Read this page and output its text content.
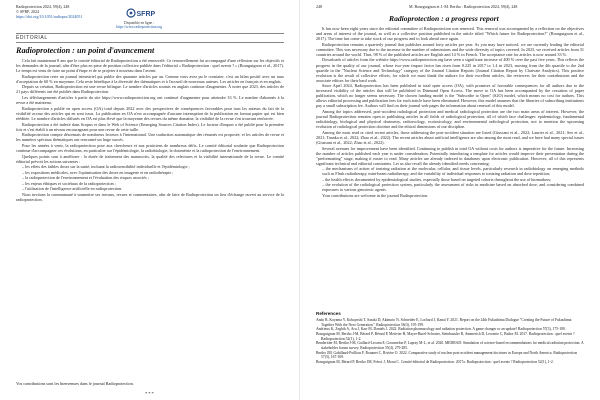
Radioprotection 2024, 59(4), 248
© SFRP, 2024
https://doi.org/10.1051/radiopro/2024051	SFRP
Disponible en ligne :
https://www.radioprotection.org
ÉDITORIAL
Radioprotection : un point d'avancement

Cela fait maintenant 8 ans que le comité éditorial de Radioprotection a été renouvelé. Ce renouvellement fut accompagné d'une réflexion sur les objectifs et les demandes de la journal, afin d'être plus en prise de position collective publiée dans l'éditorial « Radioprotection : quel avenir ? » (Bourguignon et al., 2017). Le temps est venu de faire un point d'étape et de se projeter à nouveau dans l'avenir.

Radioprotection reste un journal trimestriel qui publie des quarante articles par an. Comme vous avez pu le constater, c'est un bilan positif avec un taux d'acceptation de 60 % en moyenne. Cela reste bénéfique à la diversité des thématiques et à l'accueil de nouveaux auteurs. Les articles en français et en anglais.

Depuis sa création, Radioprotection est une revue bilingue. Le nombre d'articles soumis en anglais continue d'augmenter. À noter que 2023, des articles de 21 pays différents ont été publiés dans Radioprotection.

Les téléchargements d'articles à partir du site https://www.radioprotection.org ont continué d'augmenter pour atteindre 33 %. Le nombre d'abonnés à la revue a été maintenu.

Radioprotection a publié en open access (OA) total depuis 2022 avec des perspectives de conséquences favorables pour tous les auteurs du fait de la visibilité accrue des articles qui en sont issus. La publication en OA n'est accompagnée d'aucune interruption de la publication en format papier qui est bien rééditée. Le nombre d'articles diffusés en OA est plus élevé que la moyenne des revues du même domaine, la visibilité de la revue s'en trouvant renforcée.

Radioprotection a été indexé dans Scopus et dans le Web of Science (Emerging Sources Citation Index). Le facteur d'impact a été publié pour la première fois et s'est établi à un niveau encourageant pour une revue de cette taille.

Radioprotection compte désormais de nombreux lecteurs à l'international. Une traduction automatique des résumés est proposée, et les articles de revue et les numéros spéciaux thématiques ont rencontré un large succès.

Pour les années à venir, la radioprotection pose aux chercheurs et aux praticiens de nombreux défis. Le comité éditorial souhaite que Radioprotection continue d'accompagner ces évolutions, en particulier sur l'épidémiologie, la radiobiologie, la dosimétrie et la radioprotection de l'environnement.

Quelques points sont à améliorer : la durée de traitement des manuscrits, la qualité des relectures et la visibilité internationale de la revue. Le comité éditorial prévoit les actions suivantes :

– les effets des faibles doses sur la santé, incluant la radiosensibilité individuelle et l'épidémiologie ;
– les expositions médicales, avec l'optimisation des doses en imagerie et en radiothérapie ;
– la radioprotection de l'environnement et l'évaluation des risques associés ;
– les enjeux éthiques et sociétaux de la radioprotection ;
– l'utilisation de l'intelligence artificielle en radioprotection.

Nous invitons la communauté à soumettre ses travaux, revues et commentaires, afin de faire de Radioprotection un lieu d'échange ouvert au service de la radioprotection.

Vos contributions sont les bienvenues dans le journal Radioprotection.
***
248	M. Bourguignon et J.-M. Bertho : Radioprotection 2024, 59(4), 248
Radioprotection : a progress report

It has now been eight years since the editorial committee of Radioprotection was renewed. This renewal was accompanied by a reflection on the objectives and areas of interest of the journal, as well as a collective position published in the article titled "Which future for Radioprotection?" (Bourguignon et al., 2017). The time has come to take stock of our progress and to look ahead once again.

Radioprotection remains a quarterly journal that publishes around forty articles per year. As you may have noticed, we are currently leading the editorial committee. This was necessary due to the increase in the number of submissions and the wide diversity of topics covered. In 2023, we received articles from 31 countries around the world. Thus, 98 % of the published articles are English and 14 % in French. The acceptance rate for articles is now around 33 %.

Downloads of articles from the website https://www.radioprotection.org have seen a significant increase of 400 % over the past five years. This reflects the progress in the quality of our journal, whose two-year impact factor has risen from 0.225 in 2017 to 1.4 in 2023, moving from the 4th quartile to the 2nd quartile in the "Nuclear Science and Technology" category of the Journal Citation Reports (Journal Citation Report by Clarivate Analytics). This positive evolution is the result of collective efforts, for which we must thank the authors for their excellent articles, the reviewers for their contributions and the associate editors for their hard work.

Since April 2024, Radioprotection has been published in total open access (OA), with promises of favorable consequences for all authors due to the increased visibility of the articles that will be published in Diamond Open Access. The move to OA has been accompanied by the cessation of paper publication, which no longer seems necessary. The chosen funding model is the "Subscribe to Open" (S2O) model, which means no cost for authors. This allows editorial processing and publication fees for each article have been eliminated. However, this model assumes that the libraries of subscribing institutions pay a small subscription fee. Authors will find on their journal web pages the information about renewal of this model.

Among the topics addressed, post-accident radiological protection and medical radiological protection are the two main areas of interest. However, the journal Radioprotection remains open to publishing articles in all fields of radiological protection, all of which face challenges: epidemiology, fundamental radiobiology, biological and physical dosimetry, radioecology, ecotoxicology, and environmental radiological protection, not to mention the upcoming evolution of radiological protection doctrine and the ethical dimensions of our discipline.

Among the most read or cited recent articles, those addressing the post-accident situation are listed (Giussani et al., 2022; Laurier et al., 2021; Seo et al., 2021; Tanaka et al., 2022; Zhao et al., 2022). The recent articles about artificial intelligence are also among the most read, and we have had many special issues (Giussani et al., 2022; Zhao et al., 2022).

Several avenues for improvement have been identified. Continuing to publish in total OA without costs for authors is imperative for the future. Increasing the number of articles published each year is under consideration. Potentially introducing a template for articles would improve their presentation during the "preformatting" stage, making it easier to read. Many articles are already indexed in databases upon electronic publication. However, all of this represents significant technical and editorial constraints. Let us also recall the already identified needs concerning:

– the mechanisms of action of ionizing radiation at the molecular, cellular, and tissue levels, particularly research in radiobiology on emerging methods such as Flash radiotherapy, mini-beam radiotherapy, and the variability of individual responses to ionizing radiation and dose repetition;
– the health effects documented by epidemiological studies, especially those based on targeted cohorts throughout the use of biomarkers;
– the evolution of the radiological protection system, particularly the assessment of risks in medicine based on absorbed dose, and considering combined exposures to various genotoxic agents.

Your contributions are welcome in the journal Radioprotection.

References
Ando R, Koyama Y, Kobayashi T, Sasaki D, Akimoto N, Schneider E, Lochard J, Kanai Y. 2021. Report on the 24th Fukushima Dialogue "Creating the Future of Fukushima Together With the Next Generation". Radioprotection 56(3), 195-199.
Andrieux K, Zeghib A, Aru J, Karr M, Daniels J. 2022. Radiation pharmacology and radiation protection. A game changer or an update? Radioprotection 57(3), 175-180.
Bourguignon M, Bertho J-M, Bérard P, Bérard P, Metivier H, Mayer-Burel-Schorter, Steinhausler R, Ammerich D, Lecomte C, Bultor M. 2017. Radioprotection : quel avenir ? Radioprotection 52(1), 1-2.
Benderitter M, Bertho J-M, Gaillard-Lecanu E, Gourmelon P, Lapray M-L, et al. 2020. MEDRAD: Simulation of science-based recommendations for medical radiation protection. A stakeholder forum survey. Radioprotection 55(4), 279-285.
Bertho JM, Gabillaud-Poillion F, Rouanet C, Rivière O. 2022. Comparative study of nuclear post-accident management doctrines in Europe and North America. Radioprotection 57(3), 167-169.
Bourguignon M, Bérard P, Bertho JM, Frérot J, Morat C. Comité éditorial de Radioprotection. 2017a. Radioprotection : quel avenir ? Radioprotection 52(1), 1-2.
